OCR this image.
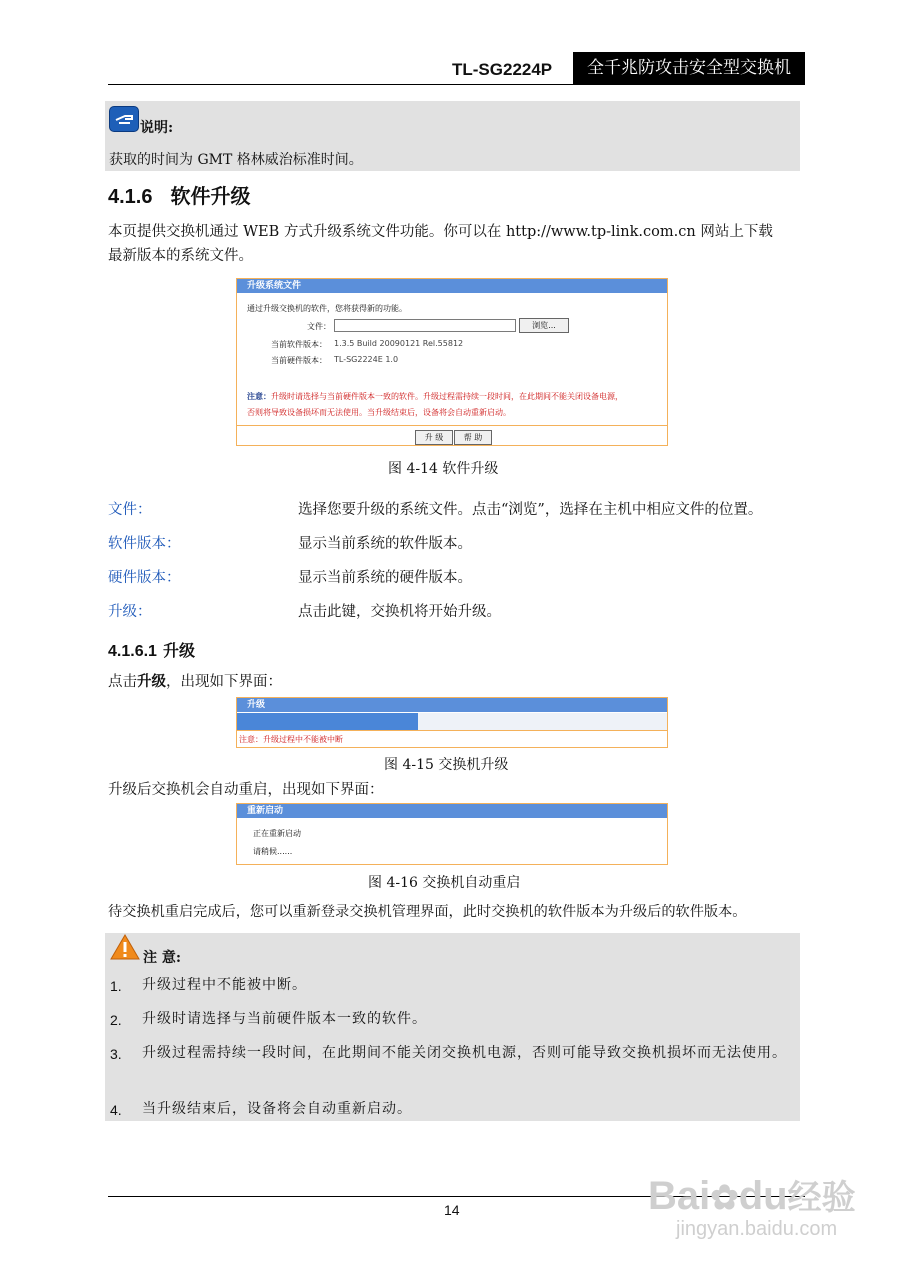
TL-SG2224P	全千兆防攻击安全型交换机
说明:
获取的时间为 GMT 格林威治标准时间。
4.1.6 软件升级
本页提供交换机通过 WEB 方式升级系统文件功能。你可以在 http://www.tp-link.com.cn 网站上下载
最新版本的系统文件。
升级系统文件
通过升级交换机的软件，您将获得新的功能。
文件：	浏览...
当前软件版本： 1.3.5 Build 20090121 Rel.55812
当前硬件版本： TL-SG2224E 1.0
注意：升级时请选择与当前硬件版本一致的软件。升级过程需持续一段时间，在此期间不能关闭设备电源，
否则将导致设备损坏而无法使用。当升级结束后，设备将会自动重新启动。
升 级	帮 助
图 4-14 软件升级
文件：	选择您要升级的系统文件。点击“浏览”，选择在主机中相应文件的位置。
软件版本：	显示当前系统的软件版本。
硬件版本：	显示当前系统的硬件版本。
升级：	点击此键，交换机将开始升级。
4.1.6.1 升级
点击升级，出现如下界面：
升级
注意：升级过程中不能被中断
图 4-15 交换机升级
升级后交换机会自动重启，出现如下界面：
重新启动
正在重新启动
请稍候......
图 4-16 交换机自动重启
待交换机重启完成后，您可以重新登录交换机管理界面，此时交换机的软件版本为升级后的软件版本。
注 意:
1. 升级过程中不能被中断。
2. 升级时请选择与当前硬件版本一致的软件。
3. 升级过程需持续一段时间，在此期间不能关闭交换机电源，否则可能导致交换机损坏而无法使用。
4. 当升级结束后，设备将会自动重新启动。
14	Bai✿du经验
jingyan.baidu.com
